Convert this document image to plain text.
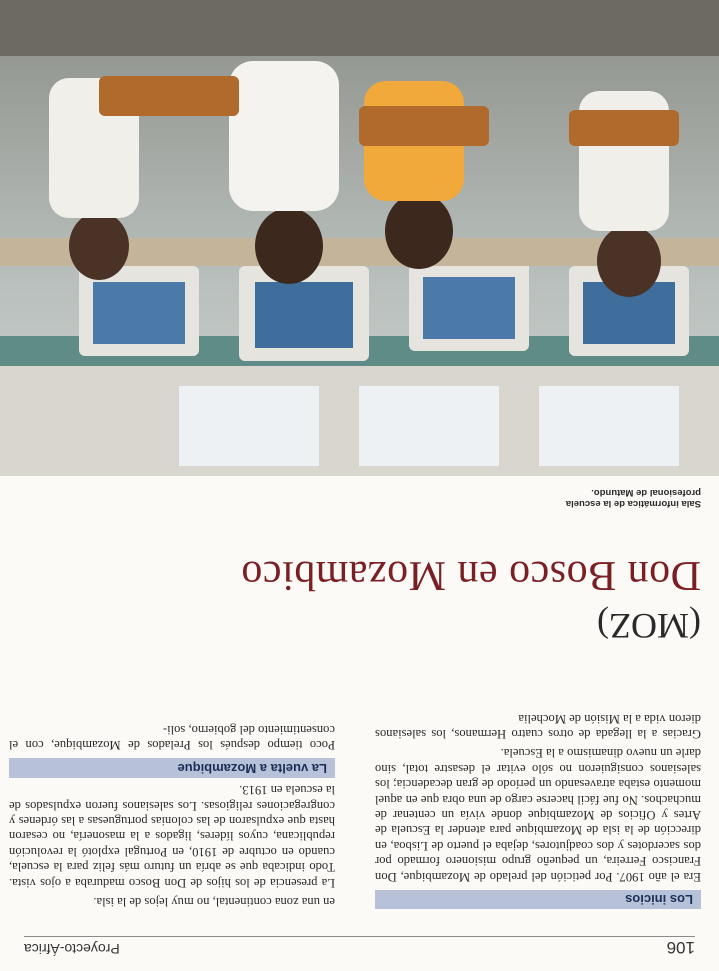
106
Proyecto-África
Los inicios

Era el año 1907. Por petición del prelado de Mozambique, Don Francisco Ferreira, un pequeño grupo misionero formado por dos sacerdotes y dos coadjutores, dejaba el puerto de Lisboa, en dirección de la isla de Mozambique para atender la Escuela de Artes y Oficios de Mozambique donde vivía un centenar de muchachos. No fue fácil hacerse cargo de una obra que en aquel momento estaba atravesando un período de gran decadencia; los salesianos consiguieron no sólo evitar el desastre total, sino darle un nuevo dinamismo a la Escuela.

Gracias a la llegada de otros cuatro Hermanos, los salesianos dieron vida a la Misión de Mochelia

en una zona continental, no muy lejos de la isla.

La presencia de los hijos de Don Bosco maduraba a ojos vista. Todo indicaba que se abría un futuro más feliz para la escuela, cuando en octubre de 1910, en Portugal explotó la revolución republicana, cuyos líderes, ligados a la masonería, no cesaron hasta que expulsaron de las colonias portuguesas a las órdenes y congregaciones religiosas. Los salesianos fueron expulsados de la escuela en 1913.

La vuelta a Mozambique

Poco tiempo después los Prelados de Mozambique, con el consentimiento del gobierno, soli-

(MOZ)
Don Bosco en Mozambico
Sala informática de la escuela profesional de Matundo.
